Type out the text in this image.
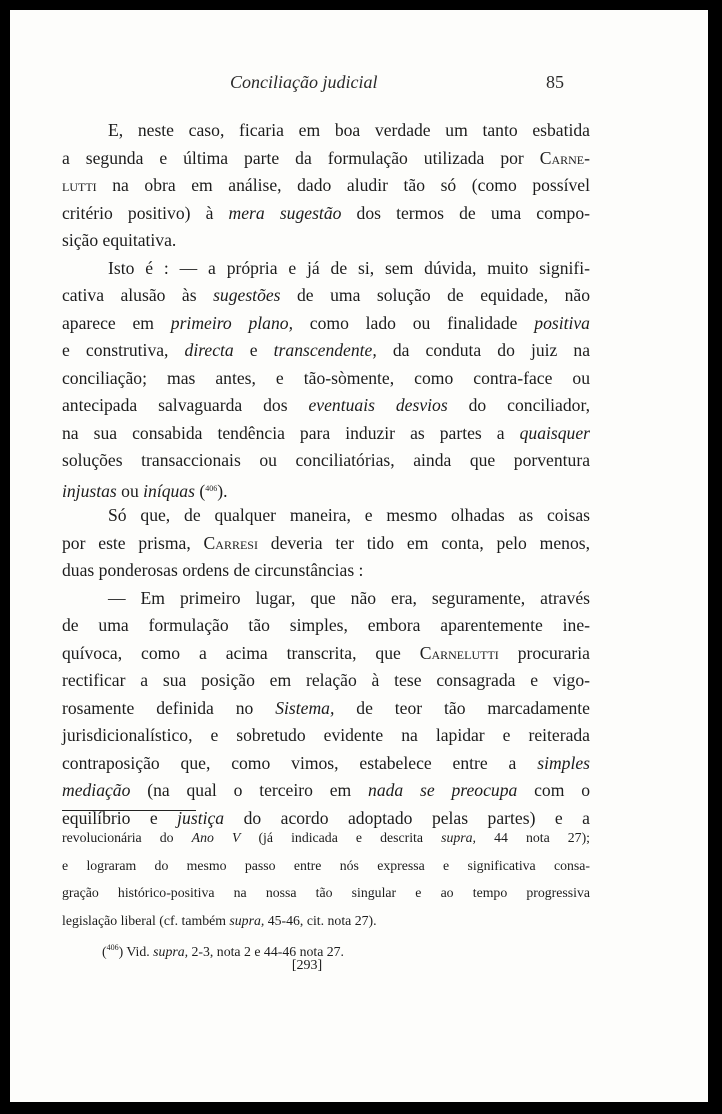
Conciliação judicial	85
E, neste caso, ficaria em boa verdade um tanto esbatida
a segunda e última parte da formulação utilizada por Carne-
lutti na obra em análise, dado aludir tão só (como possível
critério positivo) à mera sugestão dos termos de uma compo-
sição equitativa.
Isto é : — a própria e já de si, sem dúvida, muito signifi-
cativa alusão às sugestões de uma solução de equidade, não
aparece em primeiro plano, como lado ou finalidade positiva
e construtiva, directa e transcendente, da conduta do juiz na
conciliação; mas antes, e tão-sòmente, como contra-face ou
antecipada salvaguarda dos eventuais desvios do conciliador,
na sua consabida tendência para induzir as partes a quaisquer
soluções transaccionais ou conciliatórias, ainda que porventura
injustas ou iníquas ($^{406}$).
Só que, de qualquer maneira, e mesmo olhadas as coisas
por este prisma, Carresi deveria ter tido em conta, pelo menos,
duas ponderosas ordens de circunstâncias :
— Em primeiro lugar, que não era, seguramente, através
de uma formulação tão simples, embora aparentemente ine-
quívoca, como a acima transcrita, que Carnelutti procuraria
rectificar a sua posição em relação à tese consagrada e vigo-
rosamente definida no Sistema, de teor tão marcadamente
jurisdicionalístico, e sobretudo evidente na lapidar e reiterada
contraposição que, como vimos, estabelece entre a simples
mediação (na qual o terceiro em nada se preocupa com o
equilíbrio e justiça do acordo adoptado pelas partes) e a
revolucionária do Ano V (já indicada e descrita supra, 44 nota 27);
e lograram do mesmo passo entre nós expressa e significativa consa-
gração histórico-positiva na nossa tão singular e ao tempo progressiva
legislação liberal (cf. também supra, 45-46, cit. nota 27).
($^{406}$) Vid. supra, 2-3, nota 2 e 44-46 nota 27.
[293]
